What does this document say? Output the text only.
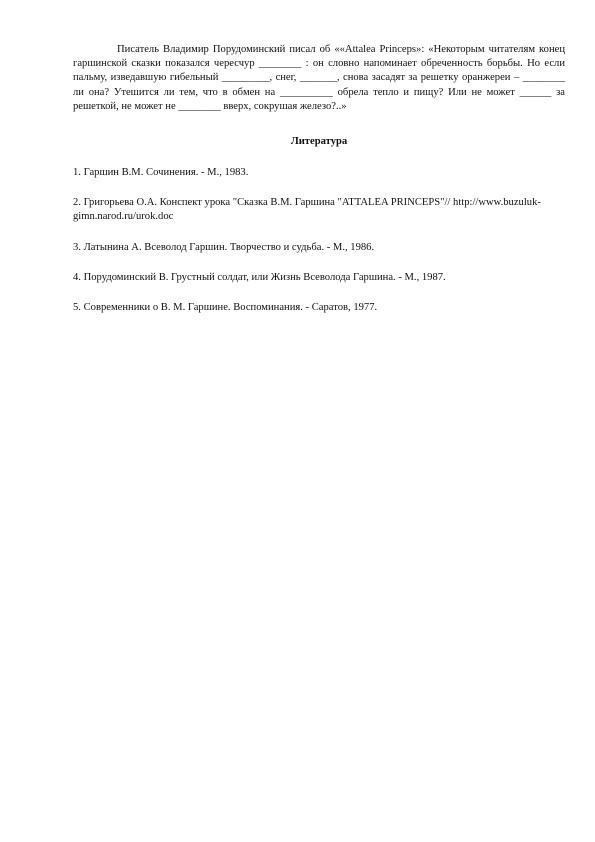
Писатель Владимир Порудоминский писал об ««Attalea Princeps»: «Некоторым читателям конец гаршинской сказки показался чересчур ________ : он словно напоминает обреченность борьбы. Но если пальму, изведавшую гибельный _________, снег, _______, снова засадят за решетку оранжереи – ________ ли она? Утешится ли тем, что в обмен на __________ обрела тепло и пищу? Или не может ______ за решеткой, не может не ________ вверх, сокрушая железо?..»

Литература
1. Гаршин В.М. Сочинения. - М., 1983.
2. Григорьева О.А. Конспект урока "Сказка В.М. Гаршина "ATTALEA PRINCEPS"// http://www.buzuluk-gimn.narod.ru/urok.doc
3. Латынина А. Всеволод Гаршин. Творчество и судьба. - М., 1986.
4. Порудоминский В. Грустный солдат, или Жизнь Всеволода Гаршина. - М., 1987.
5. Современники о В. М. Гаршине. Воспоминания. - Саратов, 1977.
